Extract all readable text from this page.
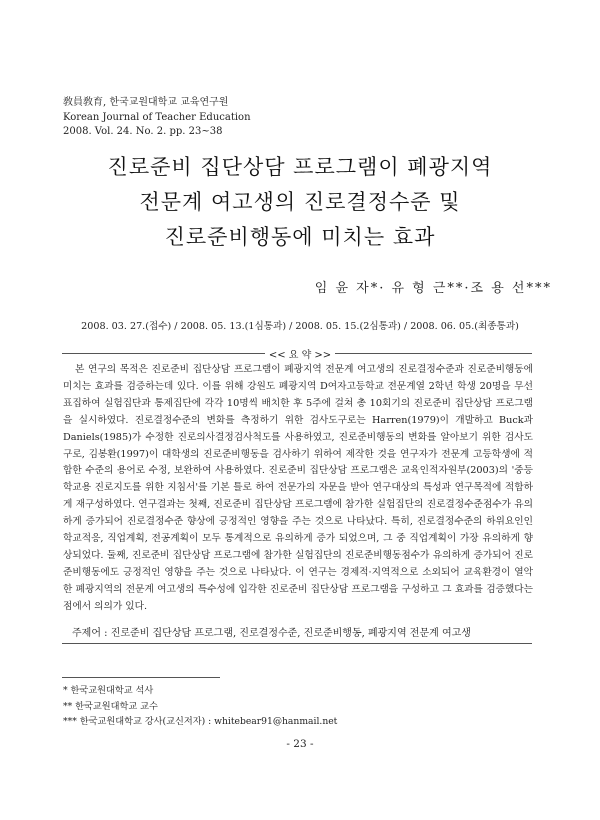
敎員敎育, 한국교원대학교 교육연구원
Korean Journal of Teacher Education
2008. Vol. 24. No. 2. pp. 23~38
진로준비 집단상담 프로그램이 폐광지역
전문계 여고생의 진로결정수준 및
진로준비행동에 미치는 효과
임 윤 자*· 유 형 근**·조 용 선***
2008. 03. 27.(접수) / 2008. 05. 13.(1심통과) / 2008. 05. 15.(2심통과) / 2008. 06. 05.(최종통과)
<< 요 약 >>

본 연구의 목적은 진로준비 집단상담 프로그램이 폐광지역 전문계 여고생의 진로결정수준과 진로준비행동에 미치는 효과를 검증하는데 있다. 이를 위해 강원도 폐광지역 D여자고등학교 전문계열 2학년 학생 20명을 무선표집하여 실험집단과 통제집단에 각각 10명씩 배치한 후 5주에 걸쳐 총 10회기의 진로준비 집단상담 프로그램을 실시하였다. 진로결정수준의 변화를 측정하기 위한 검사도구로는 Harren(1979)이 개발하고 Buck과 Daniels(1985)가 수정한 진로의사결정검사척도를 사용하였고, 진로준비행동의 변화를 알아보기 위한 검사도구로, 김봉환(1997)이 대학생의 진로준비행동을 검사하기 위하여 제작한 것을 연구자가 전문계 고등학생에 적합한 수준의 용어로 수정, 보완하여 사용하였다. 진로준비 집단상담 프로그램은 교육인적자원부(2003)의 '중등학교용 진로지도를 위한 지침서'를 기본 틀로 하여 전문가의 자문을 받아 연구대상의 특성과 연구목적에 적합하게 재구성하였다. 연구결과는 첫째, 진로준비 집단상담 프로그램에 참가한 실험집단의 진로결정수준점수가 유의하게 증가되어 진로결정수준 향상에 긍정적인 영향을 주는 것으로 나타났다. 특히, 진로결정수준의 하위요인인 학교적응, 직업계획, 전공계획이 모두 통계적으로 유의하게 증가 되었으며, 그 중 직업계획이 가장 유의하게 향상되었다. 둘째, 진로준비 집단상담 프로그램에 참가한 실험집단의 진로준비행동점수가 유의하게 증가되어 진로준비행동에도 긍정적인 영향을 주는 것으로 나타났다. 이 연구는 경제적·지역적으로 소외되어 교육환경이 열악한 폐광지역의 전문계 여고생의 특수성에 입각한 진로준비 집단상담 프로그램을 구성하고 그 효과를 검증했다는 점에서 의의가 있다.

주제어 : 진로준비 집단상담 프로그램, 진로결정수준, 진로준비행동, 폐광지역 전문계 여고생
* 한국교원대학교 석사
** 한국교원대학교 교수
*** 한국교원대학교 강사(교신저자) : whitebear91@hanmail.net
- 23 -
